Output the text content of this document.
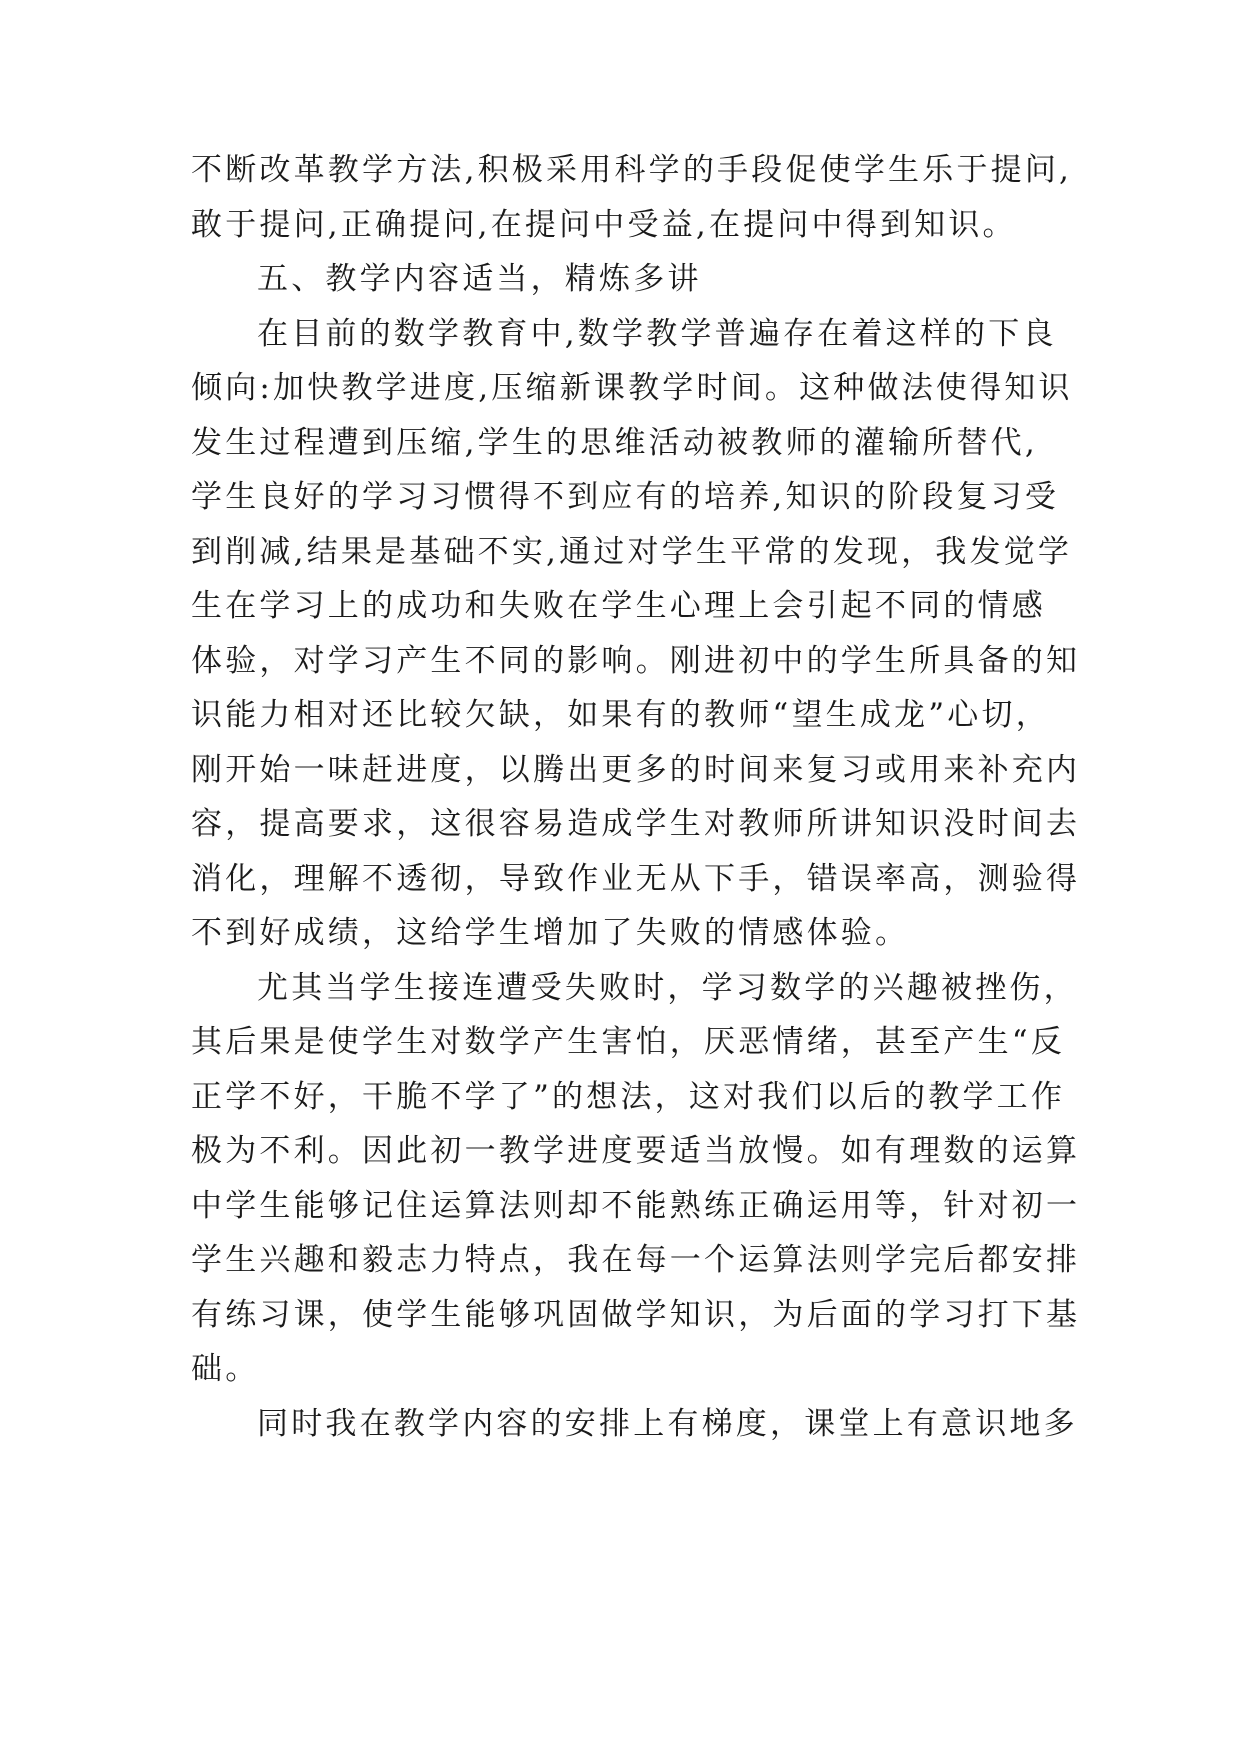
不断改革教学方法,积极采用科学的手段促使学生乐于提问,
敢于提问,正确提问,在提问中受益,在提问中得到知识。
五、教学内容适当，精炼多讲
在目前的数学教育中,数学教学普遍存在着这样的下良
倾向:加快教学进度,压缩新课教学时间。这种做法使得知识
发生过程遭到压缩,学生的思维活动被教师的灌输所替代,
学生良好的学习习惯得不到应有的培养,知识的阶段复习受
到削减,结果是基础不实,通过对学生平常的发现，我发觉学
生在学习上的成功和失败在学生心理上会引起不同的情感
体验，对学习产生不同的影响。刚进初中的学生所具备的知
识能力相对还比较欠缺，如果有的教师“望生成龙”心切，
刚开始一味赶进度，以腾出更多的时间来复习或用来补充内
容，提高要求，这很容易造成学生对教师所讲知识没时间去
消化，理解不透彻，导致作业无从下手，错误率高，测验得
不到好成绩，这给学生增加了失败的情感体验。
尤其当学生接连遭受失败时，学习数学的兴趣被挫伤，
其后果是使学生对数学产生害怕，厌恶情绪，甚至产生“反
正学不好，干脆不学了”的想法，这对我们以后的教学工作
极为不利。因此初一教学进度要适当放慢。如有理数的运算
中学生能够记住运算法则却不能熟练正确运用等，针对初一
学生兴趣和毅志力特点，我在每一个运算法则学完后都安排
有练习课，使学生能够巩固做学知识，为后面的学习打下基
础。
同时我在教学内容的安排上有梯度，课堂上有意识地多
